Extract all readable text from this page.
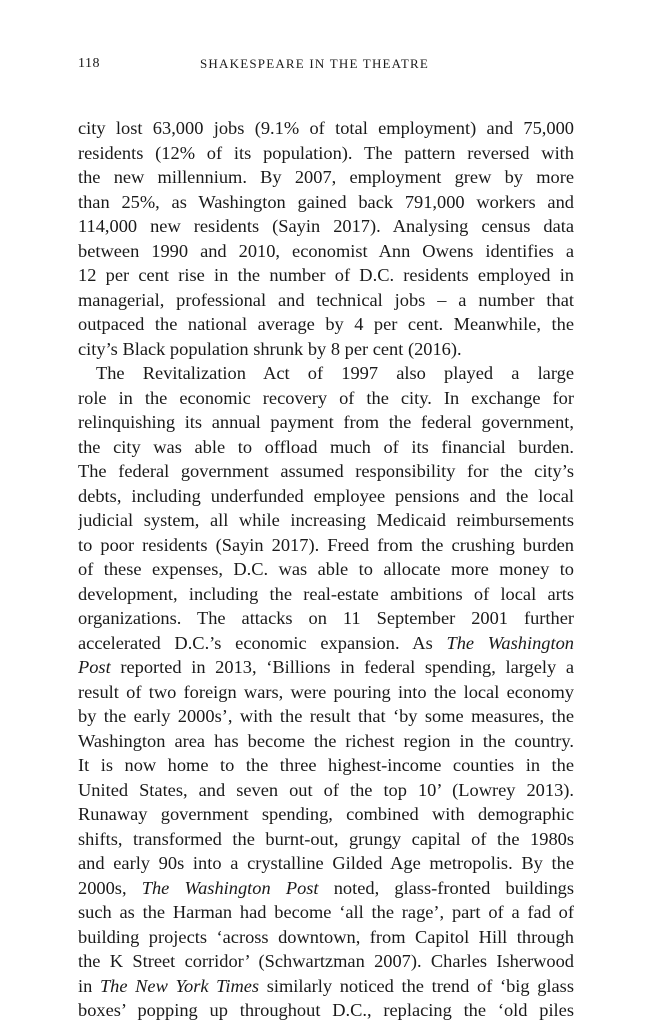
118	SHAKESPEARE IN THE THEATRE
city lost 63,000 jobs (9.1% of total employment) and 75,000
residents (12% of its population). The pattern reversed with
the new millennium. By 2007, employment grew by more
than 25%, as Washington gained back 791,000 workers and
114,000 new residents (Sayin 2017). Analysing census data
between 1990 and 2010, economist Ann Owens identifies a
12 per cent rise in the number of D.C. residents employed in
managerial, professional and technical jobs – a number that
outpaced the national average by 4 per cent. Meanwhile, the
city’s Black population shrunk by 8 per cent (2016).
The Revitalization Act of 1997 also played a large
role in the economic recovery of the city. In exchange for
relinquishing its annual payment from the federal government,
the city was able to offload much of its financial burden.
The federal government assumed responsibility for the city’s
debts, including underfunded employee pensions and the local
judicial system, all while increasing Medicaid reimbursements
to poor residents (Sayin 2017). Freed from the crushing burden
of these expenses, D.C. was able to allocate more money to
development, including the real-estate ambitions of local arts
organizations. The attacks on 11 September 2001 further
accelerated D.C.’s economic expansion. As The Washington
Post reported in 2013, ‘Billions in federal spending, largely a
result of two foreign wars, were pouring into the local economy
by the early 2000s’, with the result that ‘by some measures, the
Washington area has become the richest region in the country.
It is now home to the three highest-income counties in the
United States, and seven out of the top 10’ (Lowrey 2013).
Runaway government spending, combined with demographic
shifts, transformed the burnt-out, grungy capital of the 1980s
and early 90s into a crystalline Gilded Age metropolis. By the
2000s, The Washington Post noted, glass-fronted buildings
such as the Harman had become ‘all the rage’, part of a fad of
building projects ‘across downtown, from Capitol Hill through
the K Street corridor’ (Schwartzman 2007). Charles Isherwood
in The New York Times similarly noticed the trend of ‘big glass
boxes’ popping up throughout D.C., replacing the ‘old piles
